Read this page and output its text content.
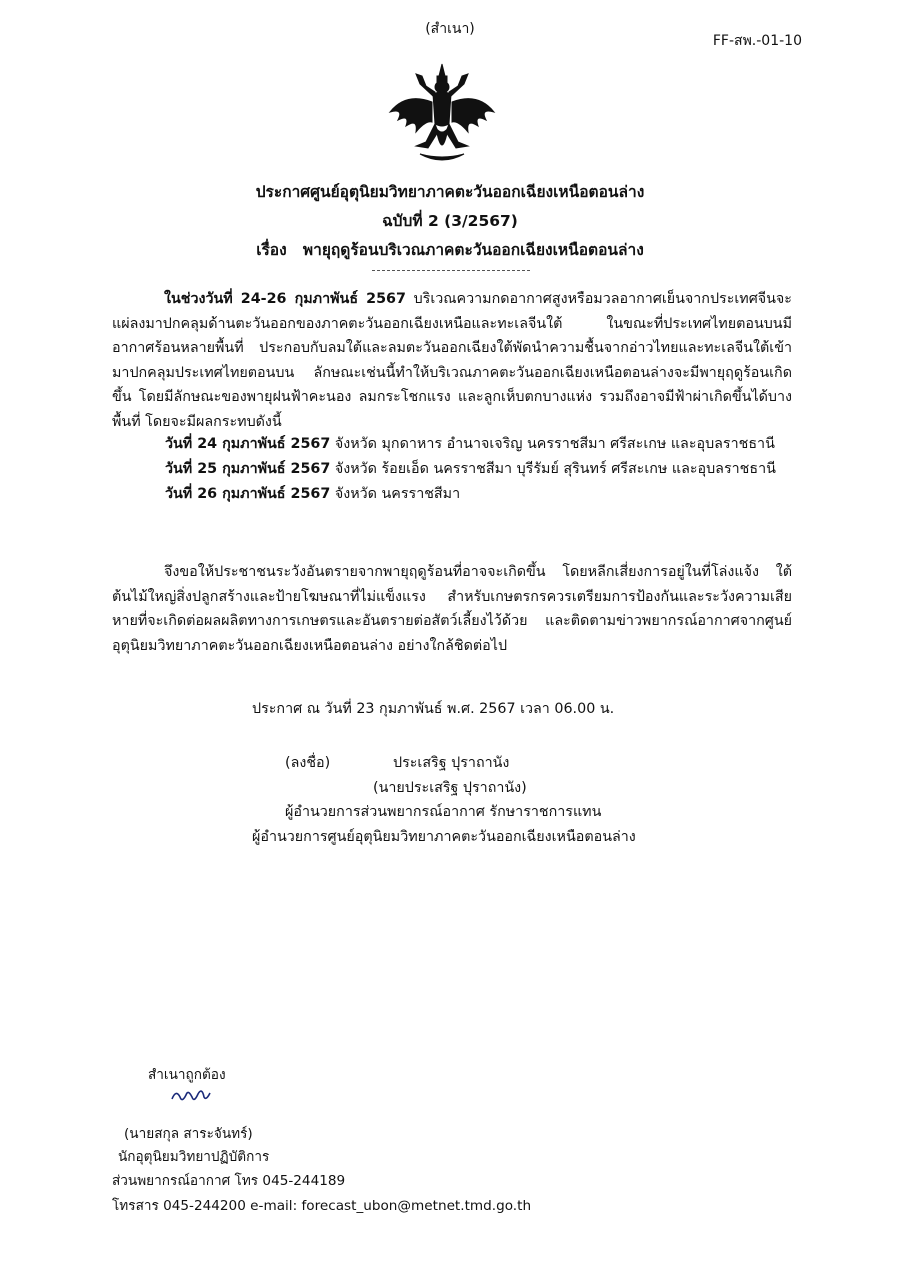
(สำเนา)
FF-สพ.-01-10
ประกาศศูนย์อุตุนิยมวิทยาภาคตะวันออกเฉียงเหนือตอนล่าง
ฉบับที่ 2 (3/2567)
เรื่อง พายุฤดูร้อนบริเวณภาคตะวันออกเฉียงเหนือตอนล่าง
ในช่วงวันที่ 24-26 กุมภาพันธ์ 2567 บริเวณความกดอากาศสูงหรือมวลอากาศเย็นจากประเทศจีนจะแผ่ลงมาปกคลุมด้านตะวันออกของภาคตะวันออกเฉียงเหนือและทะเลจีนใต้ ในขณะที่ประเทศไทยตอนบนมีอากาศร้อนหลายพื้นที่ ประกอบกับลมใต้และลมตะวันออกเฉียงใต้พัดนำความชื้นจากอ่าวไทยและทะเลจีนใต้เข้ามาปกคลุมประเทศไทยตอนบน ลักษณะเช่นนี้ทำให้บริเวณภาคตะวันออกเฉียงเหนือตอนล่างจะมีพายุฤดูร้อนเกิดขึ้น โดยมีลักษณะของพายุฝนฟ้าคะนอง ลมกระโชกแรง และลูกเห็บตกบางแห่ง รวมถึงอาจมีฟ้าผ่าเกิดขึ้นได้บางพื้นที่ โดยจะมีผลกระทบดังนี้
วันที่ 24 กุมภาพันธ์ 2567 จังหวัด มุกดาหาร อำนาจเจริญ นครราชสีมา ศรีสะเกษ และอุบลราชธานี
วันที่ 25 กุมภาพันธ์ 2567 จังหวัด ร้อยเอ็ด นครราชสีมา บุรีรัมย์ สุรินทร์ ศรีสะเกษ และอุบลราชธานี
วันที่ 26 กุมภาพันธ์ 2567 จังหวัด นครราชสีมา
จึงขอให้ประชาชนระวังอันตรายจากพายุฤดูร้อนที่อาจจะเกิดขึ้น โดยหลีกเสี่ยงการอยู่ในที่โล่งแจ้ง ใต้ต้นไม้ใหญ่สิ่งปลูกสร้างและป้ายโฆษณาที่ไม่แข็งแรง สำหรับเกษตรกรควรเตรียมการป้องกันและระวังความเสียหายที่จะเกิดต่อผลผลิตทางการเกษตรและอันตรายต่อสัตว์เลี้ยงไว้ด้วย และติดตามข่าวพยากรณ์อากาศจากศูนย์อุตุนิยมวิทยาภาคตะวันออกเฉียงเหนือตอนล่าง อย่างใกล้ชิดต่อไป
ประกาศ ณ วันที่ 23 กุมภาพันธ์ พ.ศ. 2567 เวลา 06.00 น.
(ลงชื่อ)	ประเสริฐ ปุราถานัง
(นายประเสริฐ ปุราถานัง)
ผู้อำนวยการส่วนพยากรณ์อากาศ รักษาราชการแทน
ผู้อำนวยการศูนย์อุตุนิยมวิทยาภาคตะวันออกเฉียงเหนือตอนล่าง
สำเนาถูกต้อง
(นายสกุล สาระจันทร์)
นักอุตุนิยมวิทยาปฏิบัติการ
ส่วนพยากรณ์อากาศ โทร 045-244189
โทรสาร 045-244200 e-mail: forecast_ubon@metnet.tmd.go.th
